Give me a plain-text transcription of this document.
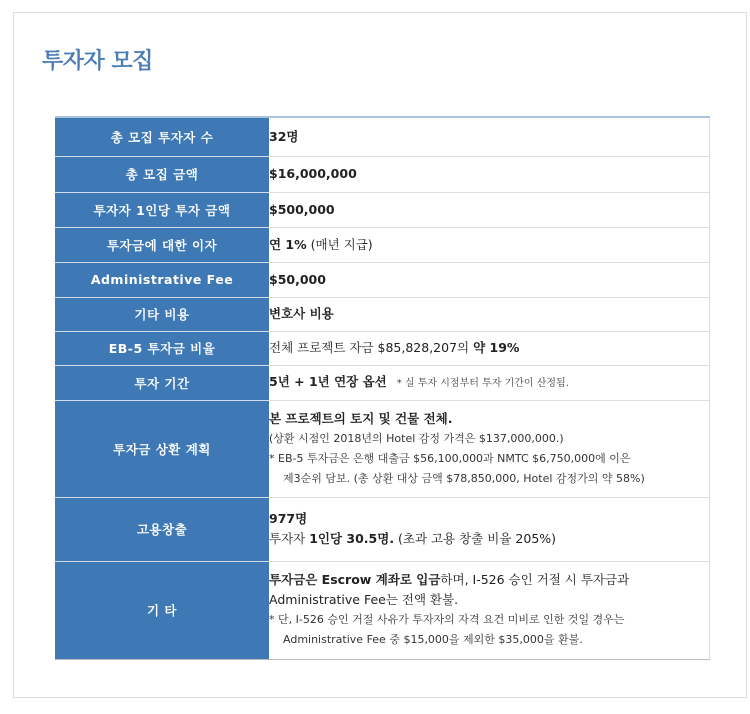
투자자 모집
총 모집 투자자 수	32명
총 모집 금액	$16,000,000
투자자 1인당 투자 금액	$500,000
투자금에 대한 이자	연 1% (매년 지급)
Administrative Fee	$50,000
기타 비용	변호사 비용
EB-5 투자금 비율	전체 프로젝트 자금 $85,828,207의 약 19%
투자 기간	5년 + 1년 연장 옵션 * 실 투자 시점부터 투자 기간이 산정됨.
투자금 상환 계획	본 프로젝트의 토지 및 건물 전체.
(상환 시점인 2018년의 Hotel 감정 가격은 $137,000,000.)
* EB-5 투자금은 은행 대출금 $56,100,000과 NMTC $6,750,000에 이은
제3순위 담보. (총 상환 대상 금액 $78,850,000, Hotel 감정가의 약 58%)

고용창출	977명
투자자 1인당 30.5명. (초과 고용 창출 비율 205%)

기 타	투자금은 Escrow 계좌로 입금하며, I-526 승인 거절 시 투자금과
Administrative Fee는 전액 환불.
* 단, I-526 승인 거절 사유가 투자자의 자격 요건 미비로 인한 것일 경우는
Administrative Fee 중 $15,000을 제외한 $35,000을 환불.
